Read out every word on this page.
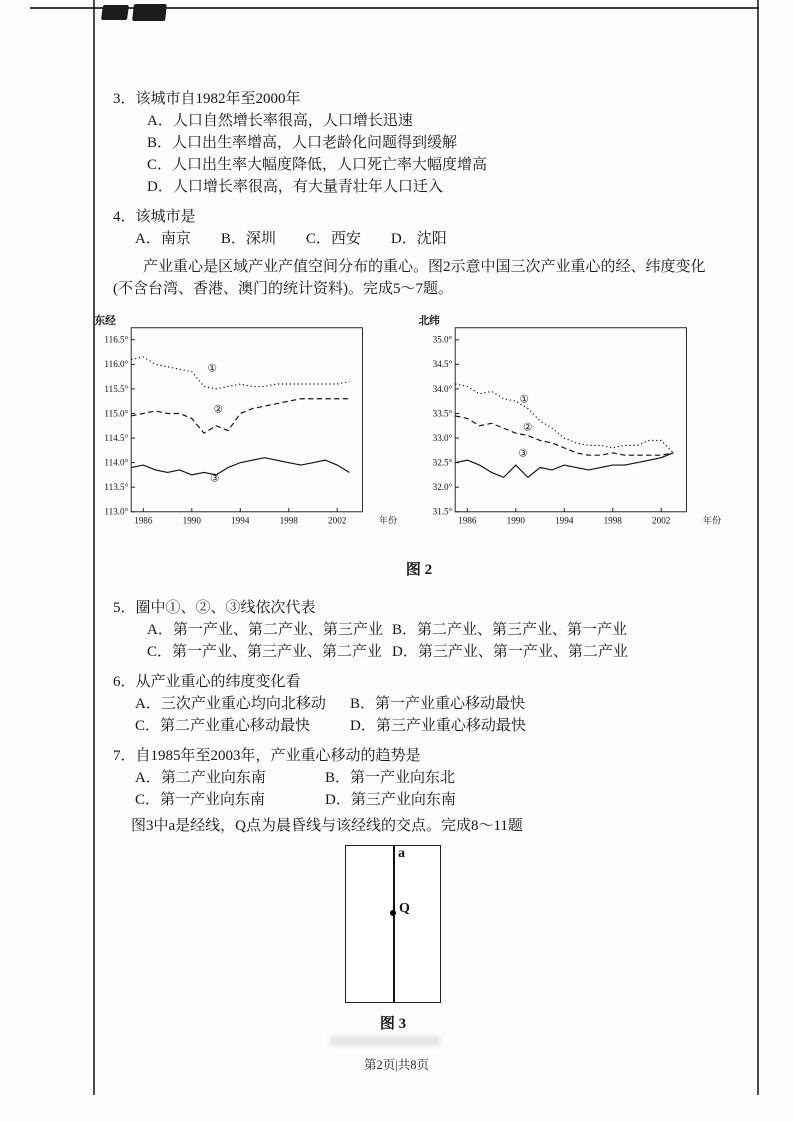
3．该城市自1982年至2000年

A．人口自然增长率很高，人口增长迅速

B．人口出生率增高，人口老龄化问题得到缓解

C．人口出生率大幅度降低，人口死亡率大幅度增高

D．人口增长率很高，有大量青壮年人口迁入

4．该城市是

A．南京 B．深圳 C．西安 D．沈阳

产业重心是区域产业产值空间分布的重心。图2示意中国三次产业重心的经、纬度变化(不含台湾、香港、澳门的统计资料)。完成5～7题。

116.5°
116.0°
115.5°
115.0°
114.5°
114.0°
113.5°
113.0°
1986	1990	1994	1998	2002
东经
年份
①
②
③
35.0°
34.5°
34.0°
33.5°
33.0°
32.5°
32.0°
31.5°
1986	1990	1994	1998	2002
北纬
年份
①
②
③

图 2

5．圈中①、②、③线依次代表

A．第一产业、第二产业、第三产业 B．第二产业、第三产业、第一产业
C．第一产业、第三产业、第二产业 D．第三产业、第一产业、第二产业

6．从产业重心的纬度变化看

A．三次产业重心均向北移动	B．第一产业重心移动最快
C．第二产业重心移动最快	D．第三产业重心移动最快

7．自1985年至2003年，产业重心移动的趋势是

A．第二产业向东南	B．第一产业向东北
C．第一产业向东南	D．第三产业向东南

图3中a是经线，Q点为晨昏线与该经线的交点。完成8～11题

a
Q

图 3

第2页|共8页
